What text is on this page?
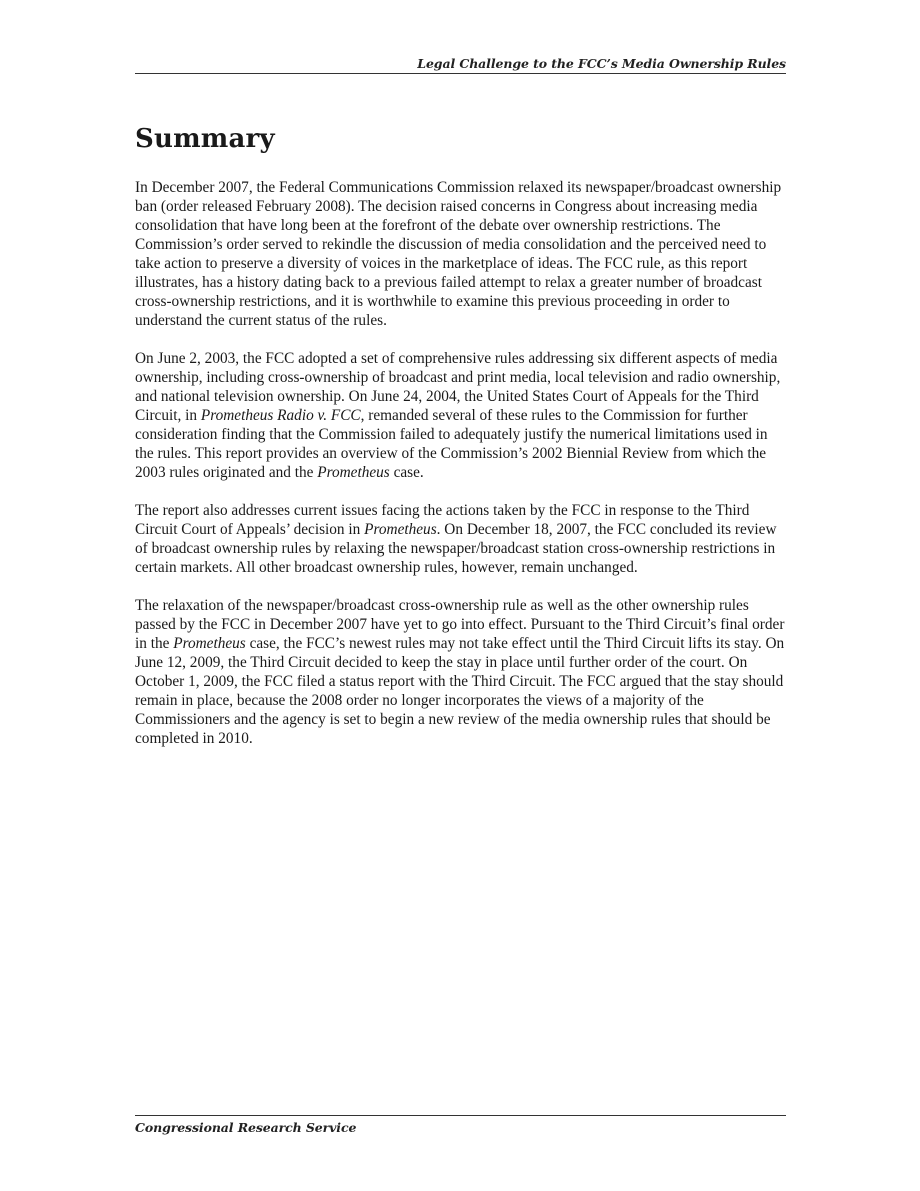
Legal Challenge to the FCC’s Media Ownership Rules
Summary

In December 2007, the Federal Communications Commission relaxed its newspaper/broadcast ownership ban (order released February 2008). The decision raised concerns in Congress about increasing media consolidation that have long been at the forefront of the debate over ownership restrictions. The Commission’s order served to rekindle the discussion of media consolidation and the perceived need to take action to preserve a diversity of voices in the marketplace of ideas. The FCC rule, as this report illustrates, has a history dating back to a previous failed attempt to relax a greater number of broadcast cross-ownership restrictions, and it is worthwhile to examine this previous proceeding in order to understand the current status of the rules.

On June 2, 2003, the FCC adopted a set of comprehensive rules addressing six different aspects of media ownership, including cross-ownership of broadcast and print media, local television and radio ownership, and national television ownership. On June 24, 2004, the United States Court of Appeals for the Third Circuit, in Prometheus Radio v. FCC, remanded several of these rules to the Commission for further consideration finding that the Commission failed to adequately justify the numerical limitations used in the rules. This report provides an overview of the Commission’s 2002 Biennial Review from which the 2003 rules originated and the Prometheus case.

The report also addresses current issues facing the actions taken by the FCC in response to the Third Circuit Court of Appeals’ decision in Prometheus. On December 18, 2007, the FCC concluded its review of broadcast ownership rules by relaxing the newspaper/broadcast station cross-ownership restrictions in certain markets. All other broadcast ownership rules, however, remain unchanged.

The relaxation of the newspaper/broadcast cross-ownership rule as well as the other ownership rules passed by the FCC in December 2007 have yet to go into effect. Pursuant to the Third Circuit’s final order in the Prometheus case, the FCC’s newest rules may not take effect until the Third Circuit lifts its stay. On June 12, 2009, the Third Circuit decided to keep the stay in place until further order of the court. On October 1, 2009, the FCC filed a status report with the Third Circuit. The FCC argued that the stay should remain in place, because the 2008 order no longer incorporates the views of a majority of the Commissioners and the agency is set to begin a new review of the media ownership rules that should be completed in 2010.

Congressional Research Service
